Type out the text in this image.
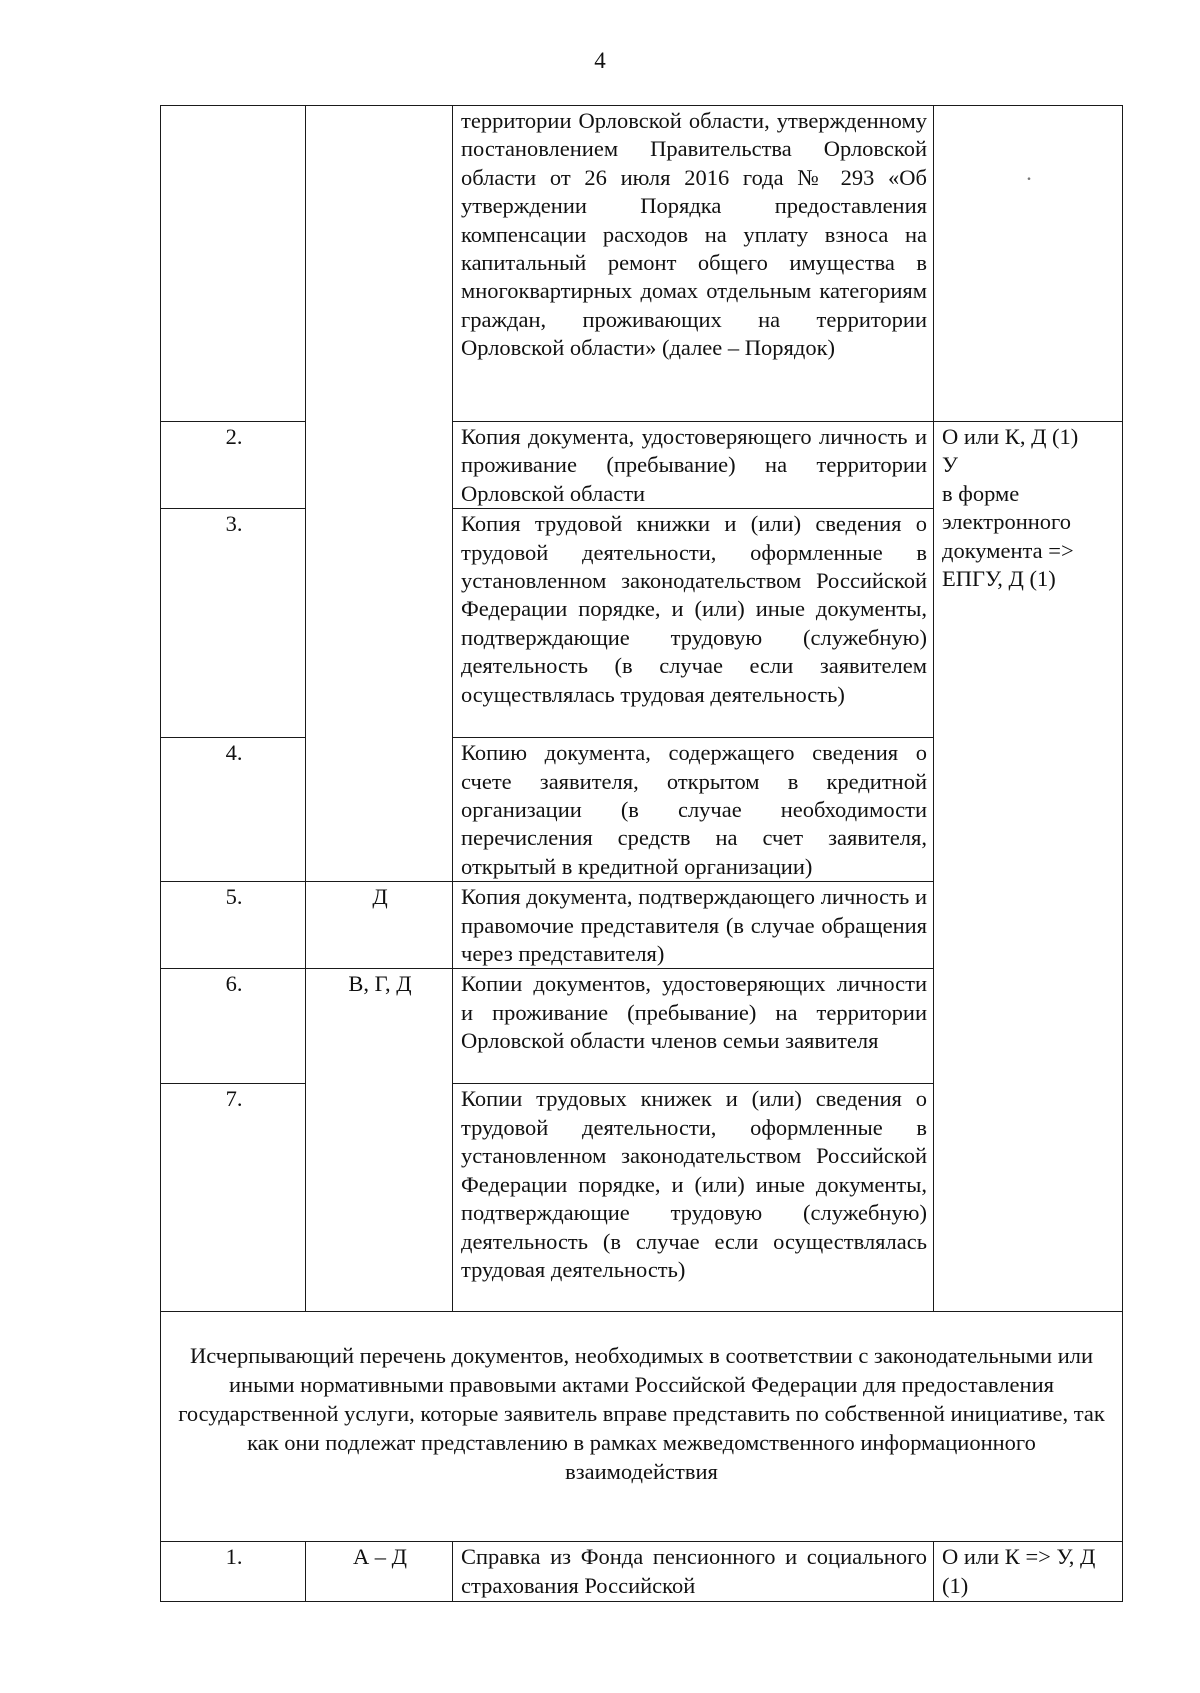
4
		территории Орловской области, утвержденному постановлением Правительства Орловской области от 26 июля 2016 года № 293 «Об утверждении Порядка предоставления компенсации расходов на уплату взноса на капитальный ремонт общего имущества в многоквартирных домах отдельным категориям граждан, проживающих на территории Орловской области» (далее – Порядок)	·

2.		Копия документа, удостоверяющего личность и проживание (пребывание) на территории Орловской области	О или К, Д (1)
У
в форме электронного документа => ЕПГУ, Д (1)

3.		Копия трудовой книжки и (или) сведения о трудовой деятельности, оформленные в установленном законодательством Российской Федерации порядке, и (или) иные документы, подтверждающие трудовую (служебную) деятельность (в случае если заявителем осуществлялась трудовая деятельность)	
4.		Копию документа, содержащего сведения о счете заявителя, открытом в кредитной организации (в случае необходимости перечисления средств на счет заявителя, открытый в кредитной организации)	
5.	Д	Копия документа, подтверждающего личность и правомочие представителя (в случае обращения через представителя)	
6.	В, Г, Д	Копии документов, удостоверяющих личности и проживание (пребывание) на территории Орловской области членов семьи заявителя	
7.		Копии трудовых книжек и (или) сведения о трудовой деятельности, оформленные в установленном законодательством Российской Федерации порядке, и (или) иные документы, подтверждающие трудовую (служебную) деятельность (в случае если осуществлялась трудовая деятельность)	
Исчерпывающий перечень документов, необходимых в соответствии с законодательными или иными нормативными правовыми актами Российской Федерации для предоставления государственной услуги, которые заявитель вправе представить по собственной инициативе, так как они подлежат представлению в рамках межведомственного информационного взаимодействия			
1.	А – Д	Справка из Фонда пенсионного и социального страхования Российской	О или К => У, Д (1)
